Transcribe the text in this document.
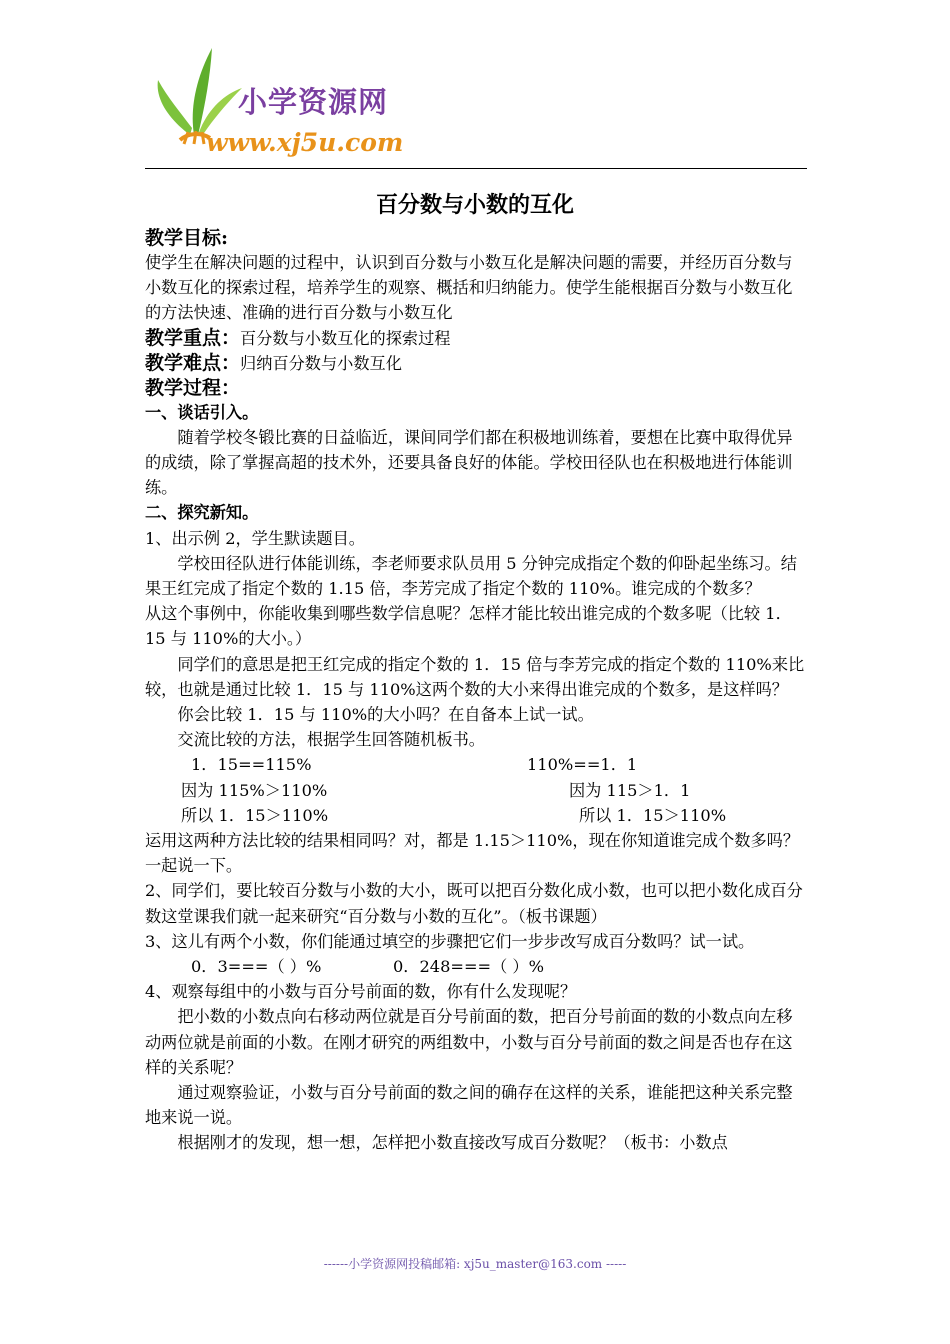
小学资源网
www.xj5u.com
百分数与小数的互化

教学目标:

使学生在解决问题的过程中，认识到百分数与小数互化是解决问题的需要，并经历百分数与小数互化的探索过程，培养学生的观察、概括和归纳能力。使学生能根据百分数与小数互化的方法快速、准确的进行百分数与小数互化

教学重点：百分数与小数互化的探索过程

教学难点：归纳百分数与小数互化

教学过程：

一、谈话引入。

随着学校冬锻比赛的日益临近，课间同学们都在积极地训练着，要想在比赛中取得优异的成绩，除了掌握高超的技术外，还要具备良好的体能。学校田径队也在积极地进行体能训练。

二、探究新知。

1、出示例 2，学生默读题目。

学校田径队进行体能训练，李老师要求队员用 5 分钟完成指定个数的仰卧起坐练习。结果王红完成了指定个数的 1.15 倍，李芳完成了指定个数的 110%。谁完成的个数多？

从这个事例中，你能收集到哪些数学信息呢？怎样才能比较出谁完成的个数多呢（比较 1．15 与 110%的大小。）

同学们的意思是把王红完成的指定个数的 1．15 倍与李芳完成的指定个数的 110%来比较，也就是通过比较 1．15 与 110%这两个数的大小来得出谁完成的个数多，是这样吗？

你会比较 1．15 与 110%的大小吗？在自备本上试一试。

交流比较的方法，根据学生回答随机板书。

1．15==115%	110%==1．1
因为 115%＞110%	因为 115＞1．1
所以 1．15＞110%	所以 1．15＞110%

运用这两种方法比较的结果相同吗？对，都是 1.15＞110%，现在你知道谁完成个数多吗？一起说一下。

2、同学们，要比较百分数与小数的大小，既可以把百分数化成小数，也可以把小数化成百分数这堂课我们就一起来研究“百分数与小数的互化”。（板书课题）

3、这儿有两个小数，你们能通过填空的步骤把它们一步步改写成百分数吗？试一试。

0．3===（ ）%	0．248===（ ）%

4、观察每组中的小数与百分号前面的数，你有什么发现呢？

把小数的小数点向右移动两位就是百分号前面的数，把百分号前面的数的小数点向左移动两位就是前面的小数。在刚才研究的两组数中，小数与百分号前面的数之间是否也存在这样的关系呢？

通过观察验证，小数与百分号前面的数之间的确存在这样的关系，谁能把这种关系完整地来说一说。

根据刚才的发现，想一想，怎样把小数直接改写成百分数呢？（板书：小数点

------小学资源网投稿邮箱: xj5u_master@163.com -----
